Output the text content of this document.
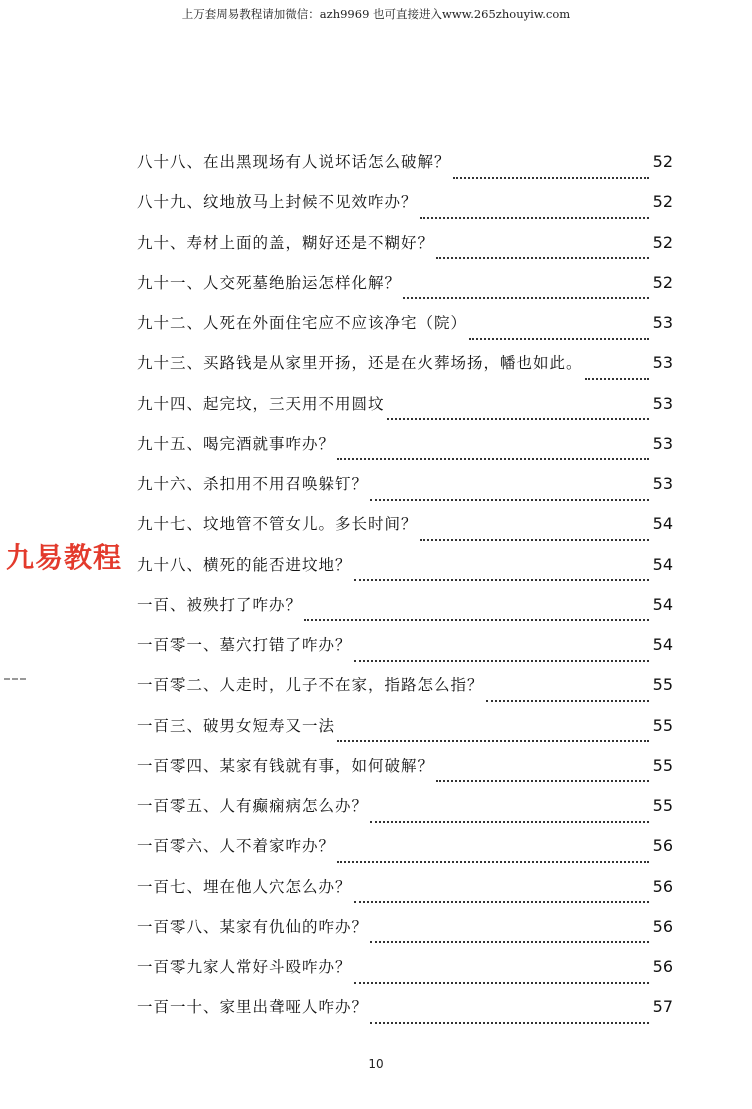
上万套周易教程请加微信：azh9969 也可直接进入www.265zhouyiw.com
八十八、在出黑现场有人说坏话怎么破解？	52
八十九、纹地放马上封候不见效咋办？	52
九十、寿材上面的盖，糊好还是不糊好？	52
九十一、人交死墓绝胎运怎样化解？	52
九十二、人死在外面住宅应不应该净宅（院）	53
九十三、买路钱是从家里开扬，还是在火葬场扬，幡也如此。	53
九十四、起完坟，三天用不用圆坟	53
九十五、喝完酒就事咋办？	53
九十六、杀扣用不用召唤躲钉？	53
九十七、坟地管不管女儿。多长时间？	54
九十八、横死的能否进坟地？	54
一百、被殃打了咋办？	54
一百零一、墓穴打错了咋办？	54
一百零二、人走时，儿子不在家，指路怎么指？	55
一百三、破男女短寿又一法	55
一百零四、某家有钱就有事，如何破解？	55
一百零五、人有癫痫病怎么办？	55
一百零六、人不着家咋办？	56
一百七、埋在他人穴怎么办？	56
一百零八、某家有仇仙的咋办？	56
一百零九家人常好斗殴咋办？	56
一百一十、家里出聋哑人咋办？	57
九易教程
10
